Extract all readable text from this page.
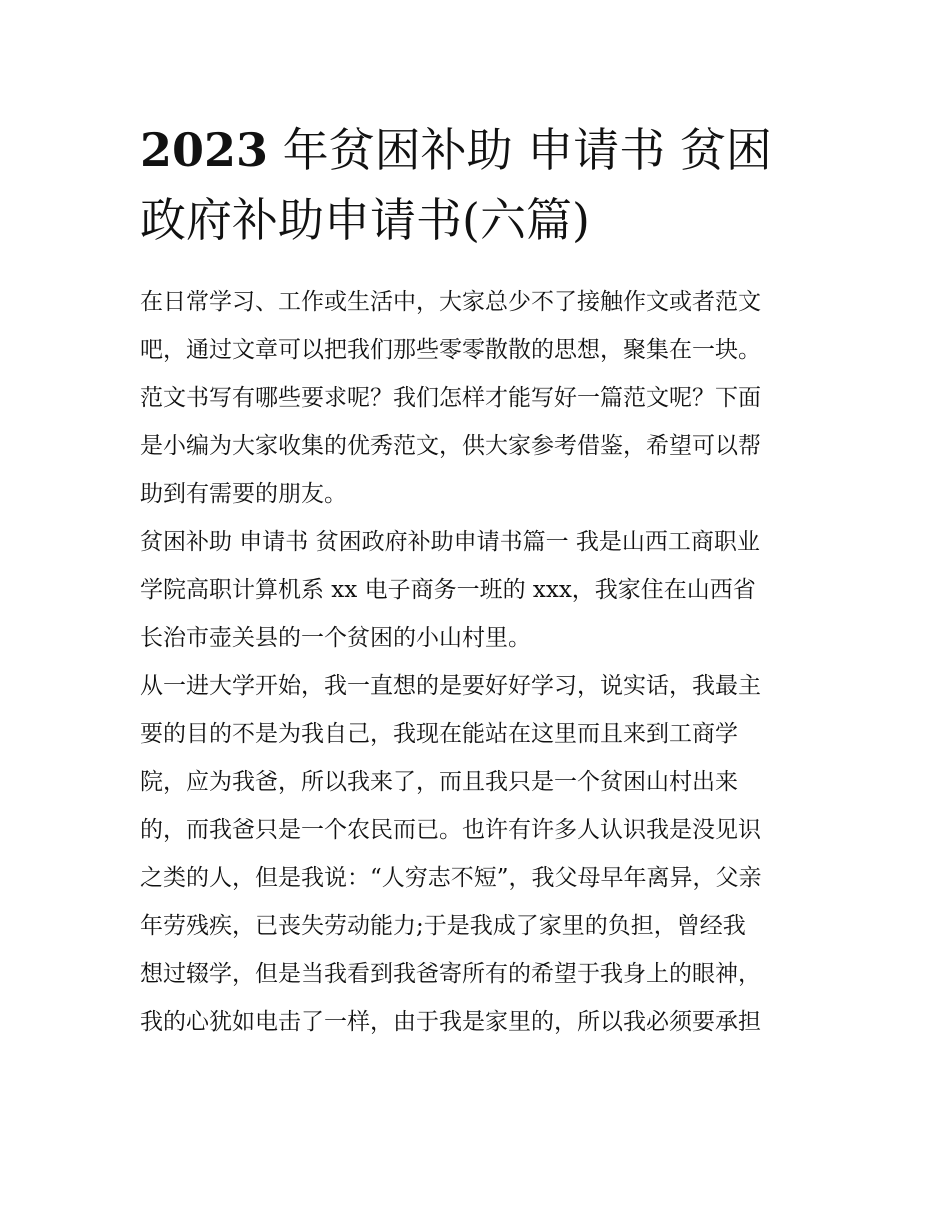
2023 年贫困补助 申请书 贫困
政府补助申请书(六篇)
在日常学习、工作或生活中，大家总少不了接触作文或者范文
吧，通过文章可以把我们那些零零散散的思想，聚集在一块。
范文书写有哪些要求呢？我们怎样才能写好一篇范文呢？下面
是小编为大家收集的优秀范文，供大家参考借鉴，希望可以帮
助到有需要的朋友。
贫困补助 申请书 贫困政府补助申请书篇一 我是山西工商职业
学院高职计算机系 xx 电子商务一班的 xxx，我家住在山西省
长治市壶关县的一个贫困的小山村里。
从一进大学开始，我一直想的是要好好学习，说实话，我最主
要的目的不是为我自己，我现在能站在这里而且来到工商学
院，应为我爸，所以我来了，而且我只是一个贫困山村出来
的，而我爸只是一个农民而已。也许有许多人认识我是没见识
之类的人，但是我说：“人穷志不短”，我父母早年离异，父亲
年劳残疾，已丧失劳动能力;于是我成了家里的负担，曾经我
想过辍学，但是当我看到我爸寄所有的希望于我身上的眼神，
我的心犹如电击了一样，由于我是家里的，所以我必须要承担
